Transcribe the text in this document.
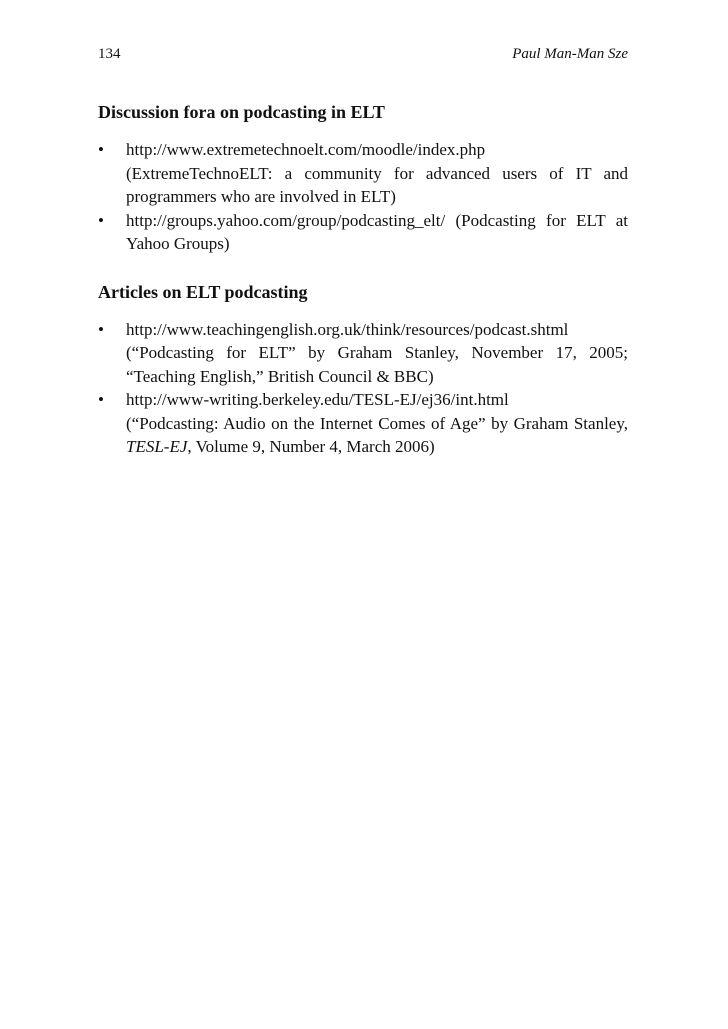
134	Paul Man-Man Sze
Discussion fora on podcasting in ELT
• http://www.extremetechnoelt.com/moodle/index.php
(ExtremeTechnoELT: a community for advanced users of IT and programmers who are involved in ELT)
• http://groups.yahoo.com/group/podcasting_elt/ (Podcasting for ELT at Yahoo Groups)
Articles on ELT podcasting
• http://www.teachingenglish.org.uk/think/resources/podcast.shtml
(“Podcasting for ELT” by Graham Stanley, November 17, 2005; “Teaching English,” British Council & BBC)
• http://www-writing.berkeley.edu/TESL-EJ/ej36/int.html
(“Podcasting: Audio on the Internet Comes of Age” by Graham Stanley, TESL-EJ, Volume 9, Number 4, March 2006)
